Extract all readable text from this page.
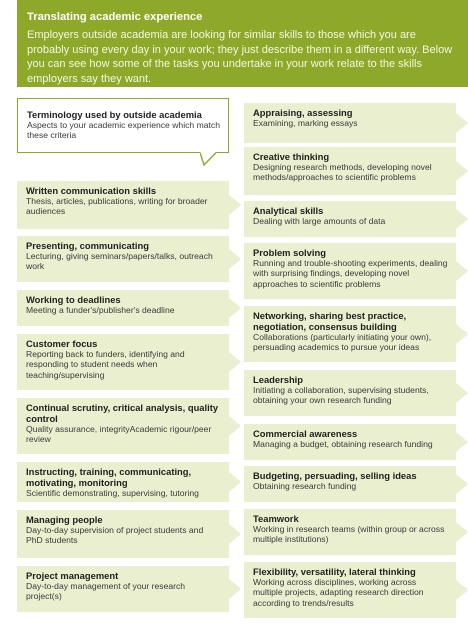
Translating academic experience

Employers outside academia are looking for similar skills to those which you are probably using every day in your work; they just describe them in a different way. Below you can see how some of the tasks you undertake in your work relate to the skills employers say they want.

Terminology used by outside academia
Aspects to your academic experience which match these criteria
Written communication skills
Thesis, articles, publications, writing for broader audiences
Presenting, communicating
Lecturing, giving seminars/papers/talks, outreach work
Working to deadlines
Meeting a funder's/publisher's deadline
Customer focus
Reporting back to funders, identifying and responding to student needs when teaching/supervising
Continual scrutiny, critical analysis, quality control
Quality assurance, integrityAcademic rigour/peer review
Instructing, training, communicating, motivating, monitoring
Scientific demonstrating, supervising, tutoring
Managing people
Day-to-day supervision of project students and PhD students
Project management
Day-to-day management of your research project(s)
Appraising, assessing
Examining, marking essays
Creative thinking
Designing research methods, developing novel methods/approaches to scientific problems
Analytical skills
Dealing with large amounts of data
Problem solving
Running and trouble-shooting experiments, dealing with surprising findings, developing novel approaches to scientific problems
Networking, sharing best practice, negotiation, consensus building
Collaborations (particularly initiating your own), persuading academics to pursue your ideas
Leadership
Initiating a collaboration, supervising students, obtaining your own research funding
Commercial awareness
Managing a budget, obtaining research funding
Budgeting, persuading, selling ideas
Obtaining research funding
Teamwork
Working in research teams (within group or across multiple institutions)
Flexibility, versatility, lateral thinking
Working across disciplines, working across multiple projects, adapting research direction according to trends/results
